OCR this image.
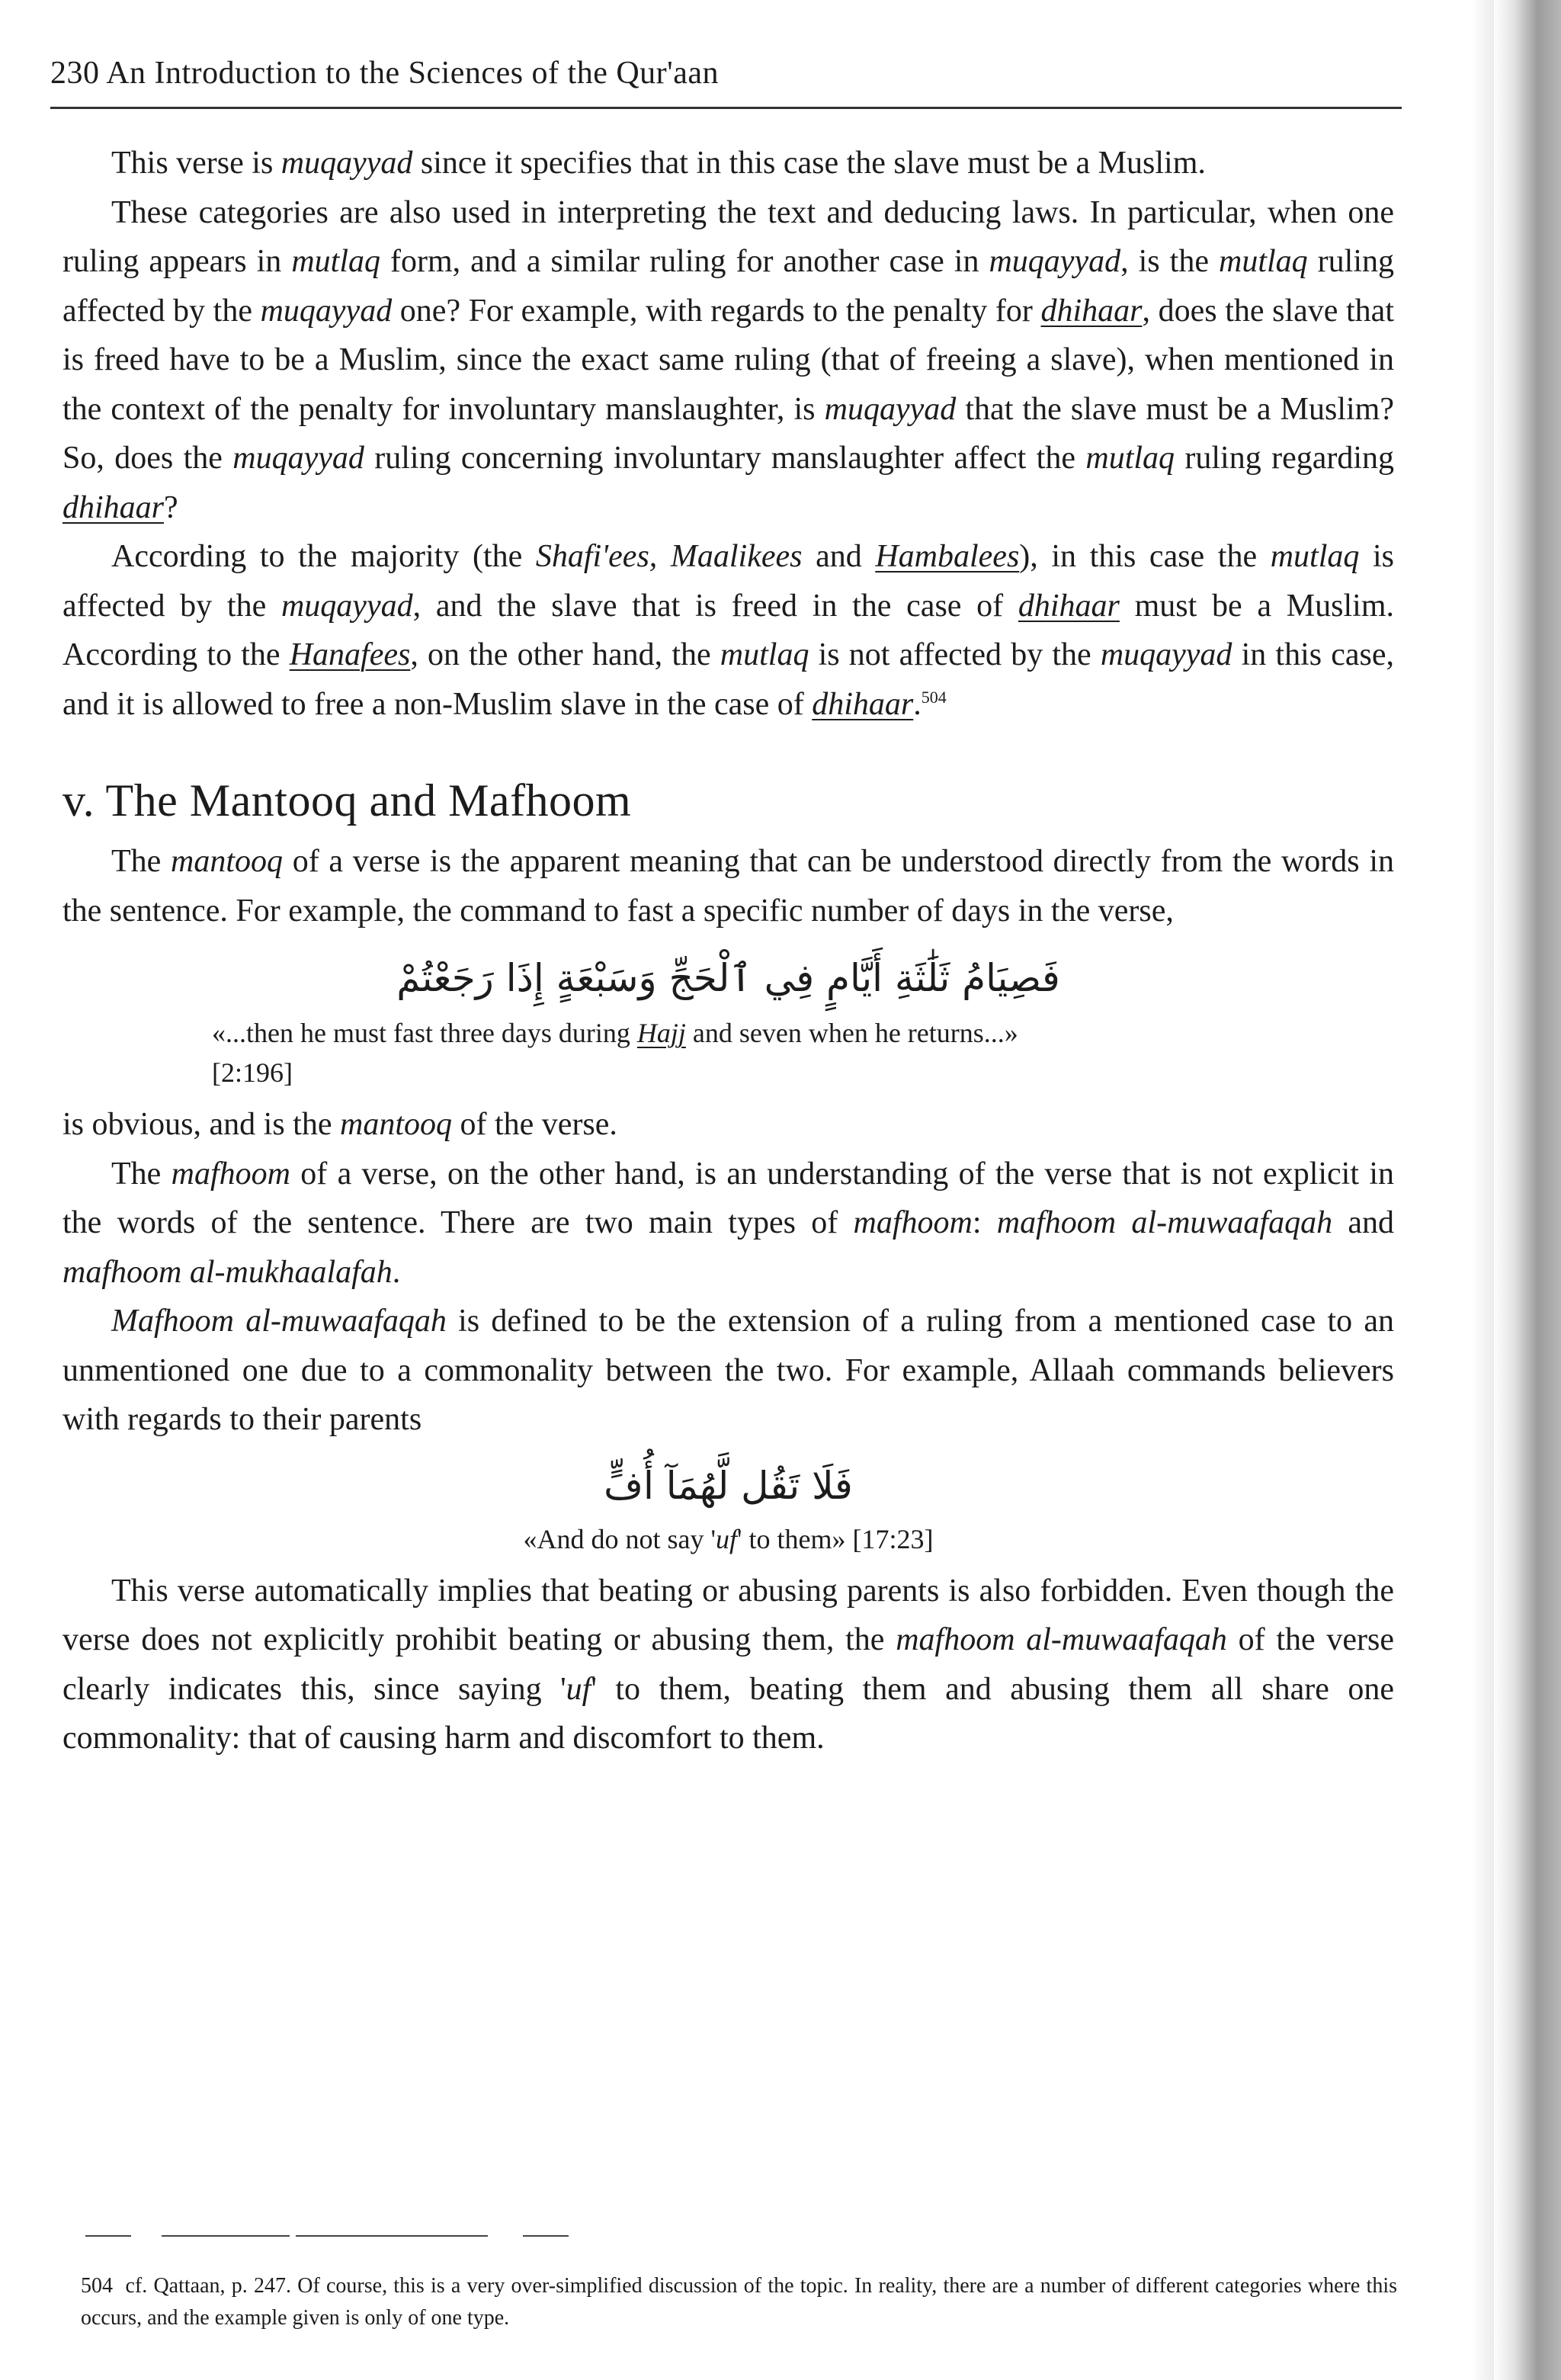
230 An Introduction to the Sciences of the Qur'aan

This verse is muqayyad since it specifies that in this case the slave must be a Muslim.

These categories are also used in interpreting the text and deducing laws. In particular, when one ruling appears in mutlaq form, and a similar ruling for another case in muqayyad, is the mutlaq ruling affected by the muqayyad one? For example, with regards to the penalty for dhihaar, does the slave that is freed have to be a Muslim, since the exact same ruling (that of freeing a slave), when mentioned in the context of the penalty for involuntary manslaughter, is muqayyad that the slave must be a Muslim? So, does the muqayyad ruling concerning involuntary manslaughter affect the mutlaq ruling regarding dhihaar?

According to the majority (the Shafi'ees, Maalikees and Hambalees), in this case the mutlaq is affected by the muqayyad, and the slave that is freed in the case of dhihaar must be a Muslim. According to the Hanafees, on the other hand, the mutlaq is not affected by the muqayyad in this case, and it is allowed to free a non-Muslim slave in the case of dhihaar.$^{504}$

v. The Mantooq and Mafhoom

The mantooq of a verse is the apparent meaning that can be understood directly from the words in the sentence. For example, the command to fast a specific number of days in the verse,

فَصِيَامُ ثَلَٰثَةِ أَيَّامٍ فِي ٱلْحَجِّ وَسَبْعَةٍ إِذَا رَجَعْتُمْ
«...then he must fast three days during Hajj and seven when he returns...»
[2:196]

is obvious, and is the mantooq of the verse.

The mafhoom of a verse, on the other hand, is an understanding of the verse that is not explicit in the words of the sentence. There are two main types of mafhoom: mafhoom al-muwaafaqah and mafhoom al-mukhaalafah.

Mafhoom al-muwaafaqah is defined to be the extension of a ruling from a mentioned case to an unmentioned one due to a commonality between the two. For example, Allaah commands believers with regards to their parents

فَلَا تَقُل لَّهُمَآ أُفٍّ
«And do not say 'uf' to them» [17:23]

This verse automatically implies that beating or abusing parents is also forbidden. Even though the verse does not explicitly prohibit beating or abusing them, the mafhoom al-muwaafaqah of the verse clearly indicates this, since saying 'uf' to them, beating them and abusing them all share one commonality: that of causing harm and discomfort to them.

504 cf. Qattaan, p. 247. Of course, this is a very over-simplified discussion of the topic. In reality, there are a number of different categories where this occurs, and the example given is only of one type.
